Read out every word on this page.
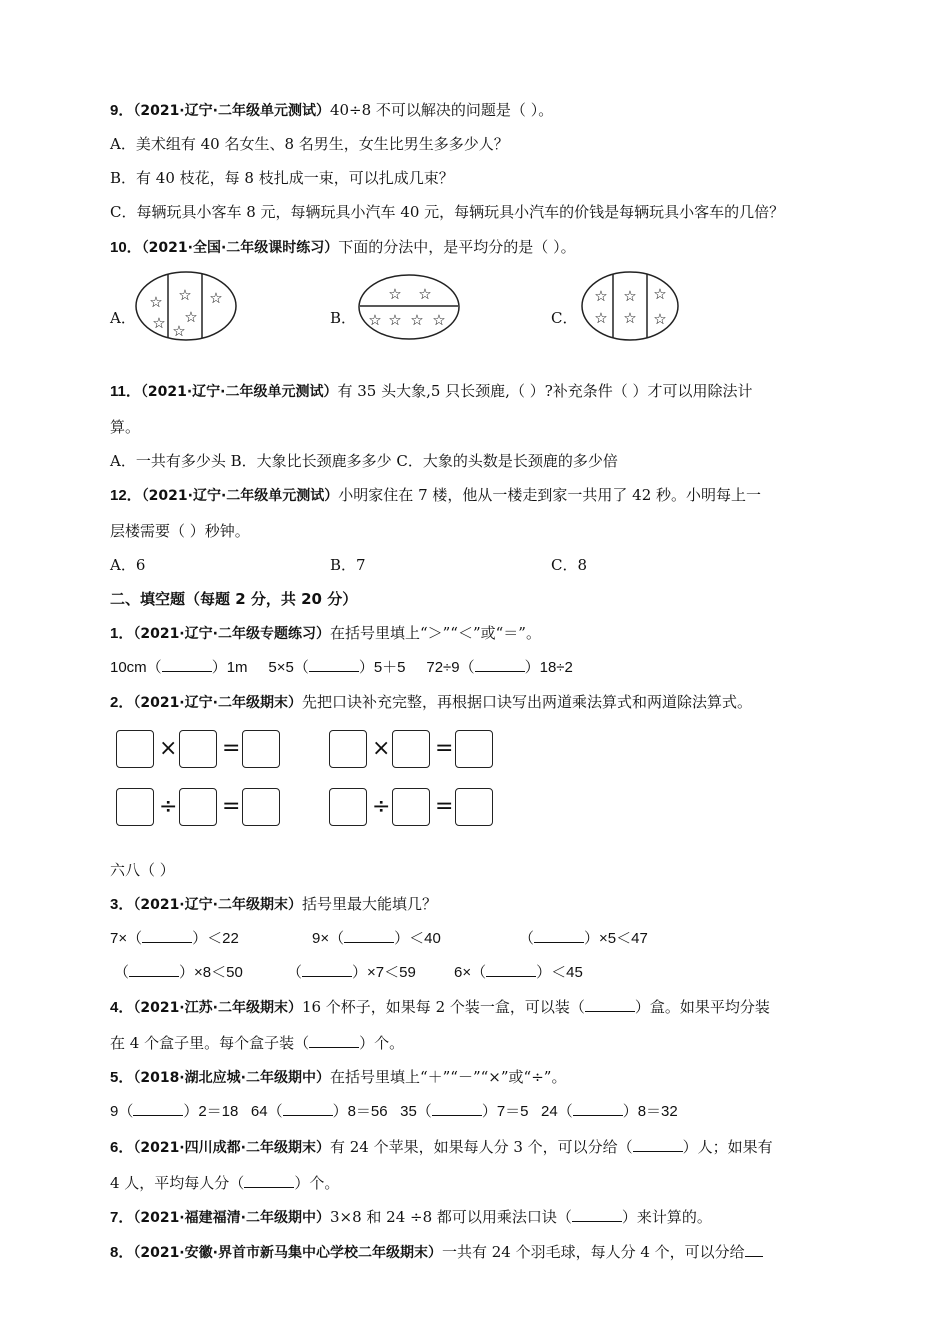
9．（2021·辽宁·二年级单元测试）40÷8 不可以解决的问题是（ ）。
A．美术组有 40 名女生、8 名男生，女生比男生多多少人？
B．有 40 枝花，每 8 枝扎成一束，可以扎成几束？
C．每辆玩具小客车 8 元，每辆玩具小汽车 40 元，每辆玩具小汽车的价钱是每辆玩具小客车的几倍？
10．（2021·全国·二年级课时练习）下面的分法中，是平均分的是（ ）。
A．	B．	C．
☆
☆
☆
☆
☆
☆	☆ ☆
☆ ☆ ☆ ☆
☆
☆
☆
☆
☆
☆
11．（2021·辽宁·二年级单元测试）有 35 头大象,5 只长颈鹿,（ ）?补充条件（ ）才可以用除法计
算。
A．一共有多少头 B．大象比长颈鹿多多少 C．大象的头数是长颈鹿的多少倍
12．（2021·辽宁·二年级单元测试）小明家住在 7 楼，他从一楼走到家一共用了 42 秒。小明每上一
层楼需要（ ）秒钟。
A．6	B．7	C．8
二、填空题（每题 2 分，共 20 分）
1．（2021·辽宁·二年级专题练习）在括号里填上“＞”“＜”或“＝”。
10cm（	）1m 5×5（	）5＋5 72÷9（	）18÷2
2．（2021·辽宁·二年级期末）先把口诀补充完整，再根据口诀写出两道乘法算式和两道除法算式。
× =	× =
÷ =	÷ =
六八（ ）
3．（2021·辽宁·二年级期末）括号里最大能填几？
7×（	）＜22	9×（	）＜40	（	）×5＜47
（	）×8＜50	（	）×7＜59	6×（	）＜45
4．（2021·江苏·二年级期末）16 个杯子，如果每 2 个装一盒，可以装（	）盒。如果平均分装
在 4 个盒子里。每个盒子装（	）个。
5．（2018·湖北应城·二年级期中）在括号里填上“＋”“－”“×”或“÷”。
9（	）2＝18 64（	）8＝56 35（	）7＝5 24（	）8＝32
6．（2021·四川成都·二年级期末）有 24 个苹果，如果每人分 3 个，可以分给（	）人；如果有
4 人，平均每人分（	）个。
7．（2021·福建福清·二年级期中）3×8 和 24 ÷8 都可以用乘法口诀（	）来计算的。
8．（2021·安徽·界首市新马集中心学校二年级期末）一共有 24 个羽毛球，每人分 4 个，可以分给
